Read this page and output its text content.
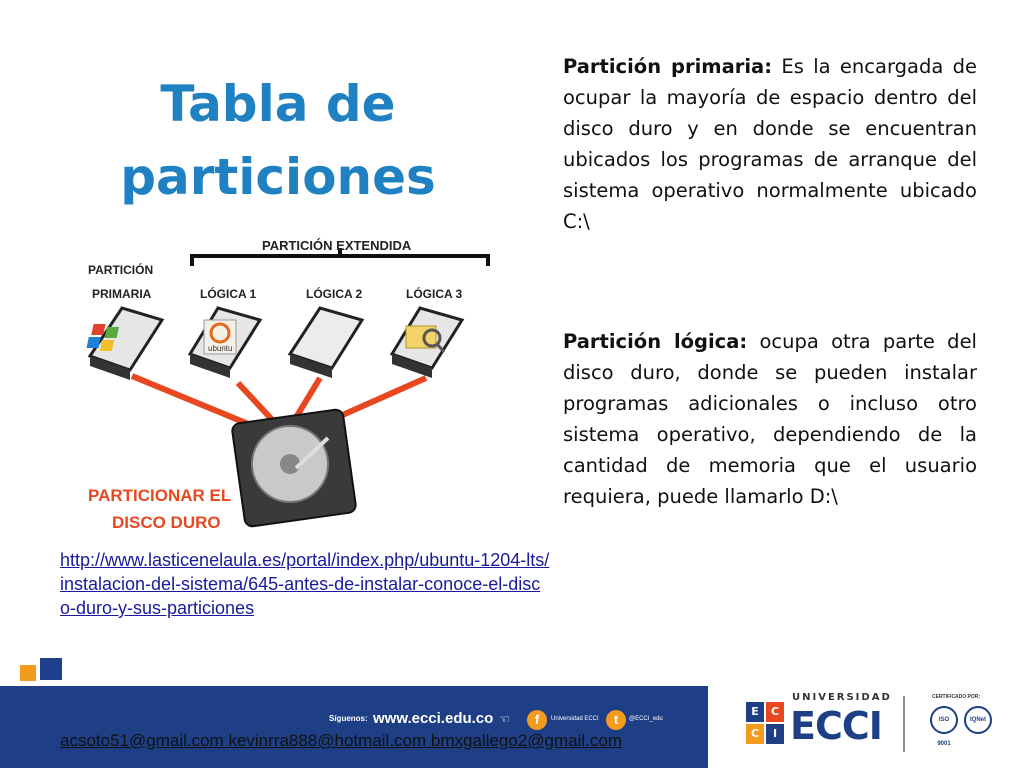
Tabla de particiones
Partición primaria: Es la encargada de ocupar la mayoría de espacio dentro del disco duro y en donde se encuentran ubicados los programas de arranque del sistema operativo normalmente ubicado C:\
Partición lógica: ocupa otra parte del disco duro, donde se pueden instalar programas adicionales o incluso otro sistema operativo, dependiendo de la cantidad de memoria que el usuario requiera, puede llamarlo D:\
PARTICIÓN EXTENDIDA
PARTICIÓN
PRIMARIA	LÓGICA 1	LÓGICA 2	LÓGICA 3
ubuntu
PARTICIONAR EL
DISCO DURO
http://www.lasticenelaula.es/portal/index.php/ubuntu-1204-lts/instalacion-del-sistema/645-antes-de-instalar-conoce-el-disco-duro-y-sus-particiones
Síguenos: www.ecci.edu.co ☜	f	Universidad ECCI	t	@ECCI_edu
acsoto51@gmail.com kevinrra888@hotmail.com bmxgallego2@gmail.com
E	C
C	I
UNIVERSIDAD
ECCI
CERTIFICADO POR:
ISO 9001
IQNet
